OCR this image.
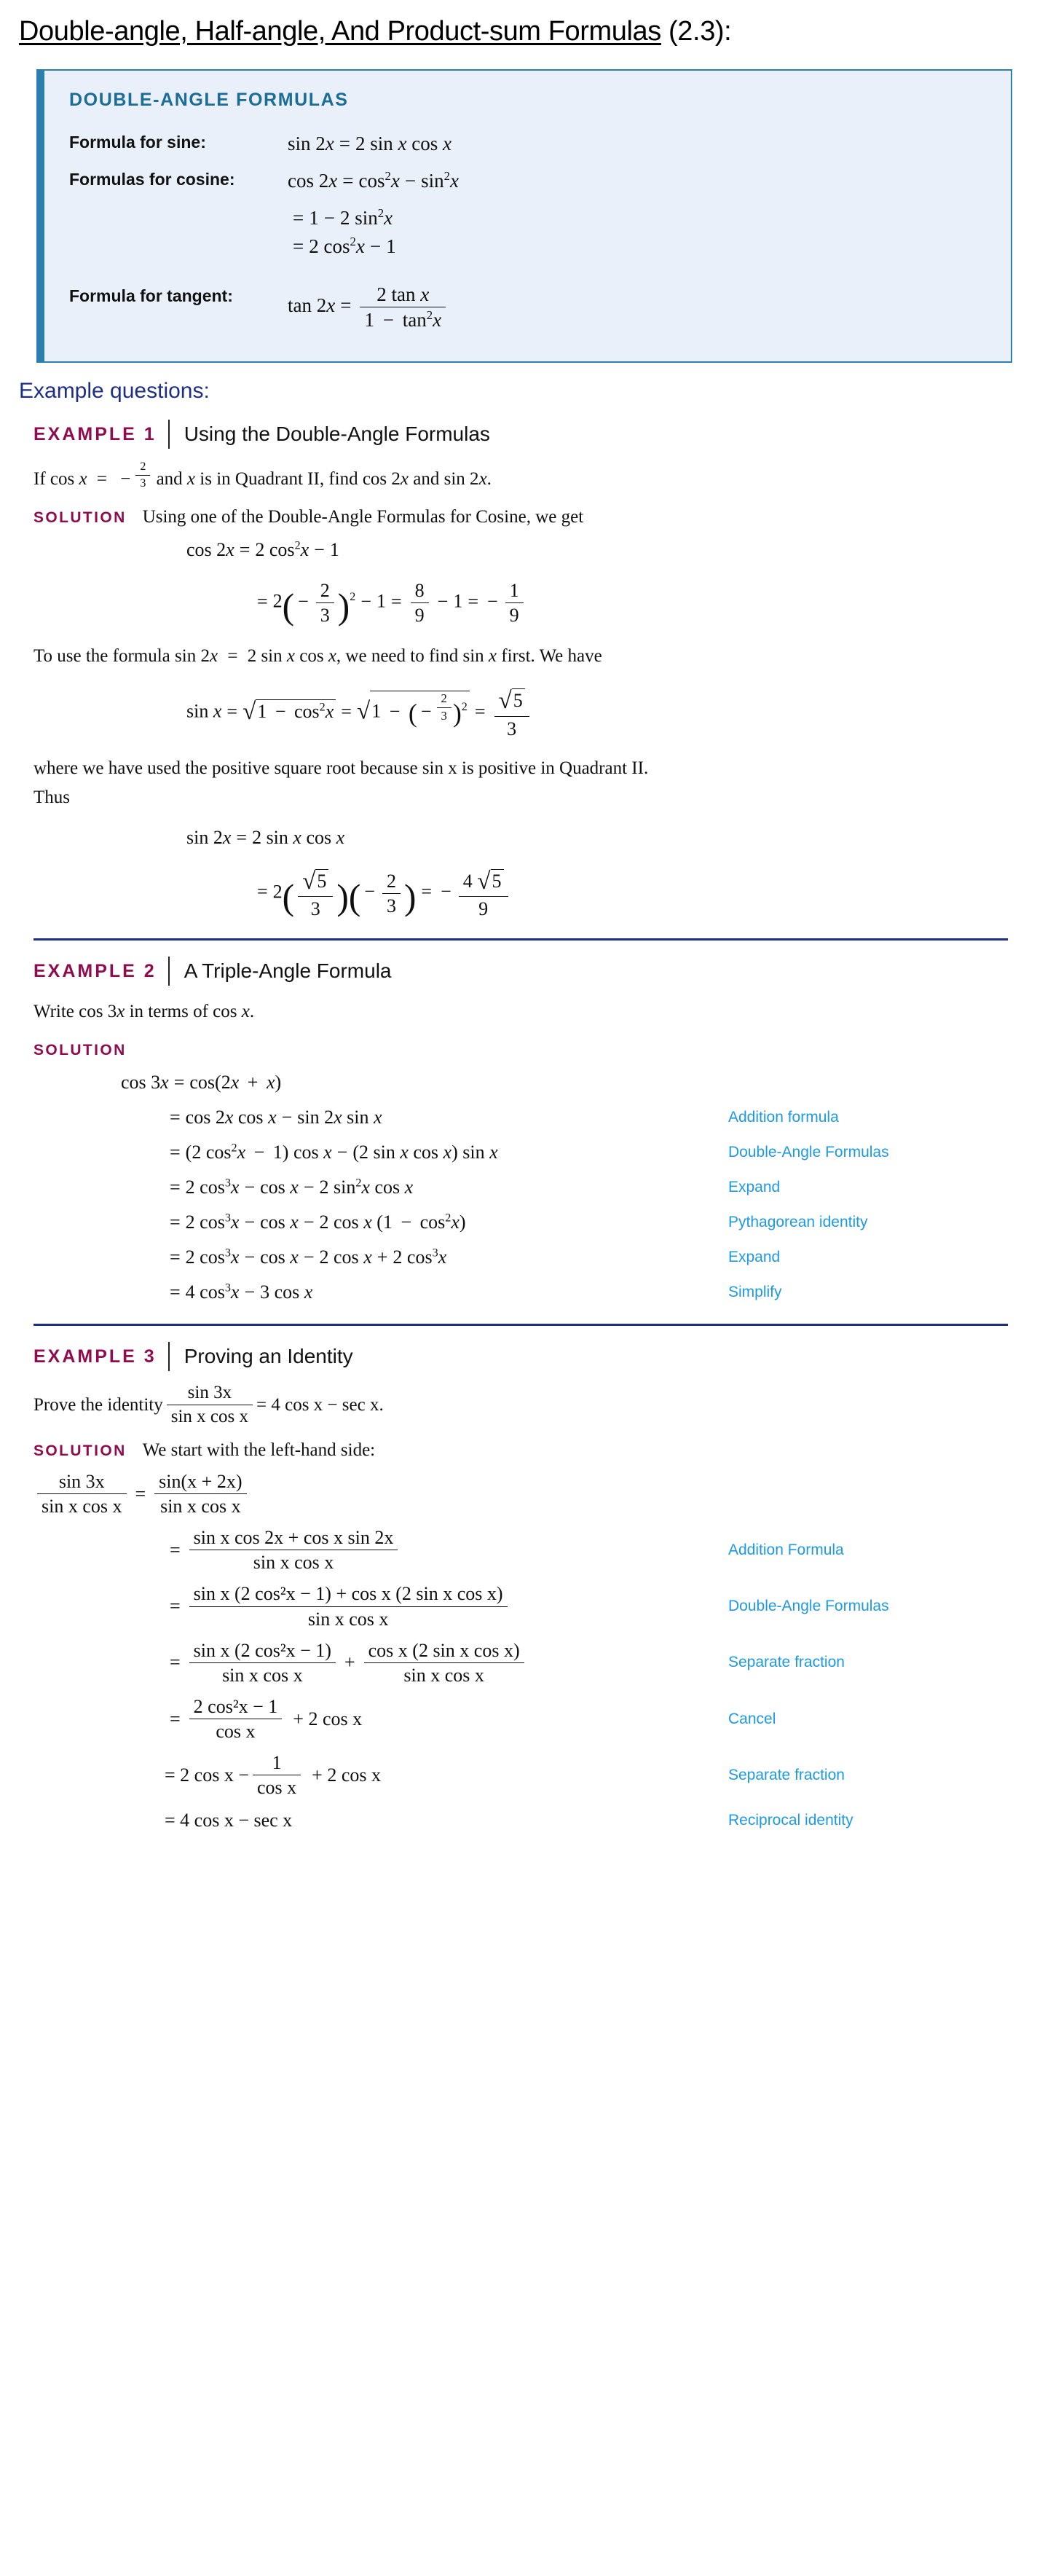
Double-angle, Half-angle, And Product-sum Formulas (2.3):
DOUBLE-ANGLE FORMULAS
Formula for sine:	sin 2x = 2 sin x cos x
Formulas for cosine:	$\cos 2x = \cos^2x - \sin^2x$
= 1 − 2 $\sin^2x$
= 2 $\cos^2x - 1$
Formula for tangent:	$\tan 2x = \frac{\text{2 tan x}}{1 - \tan^2x}$
Example questions:
EXAMPLE 1 Using the Double-Angle Formulas
If cos x = − $\frac{2}{3}$ and x is in Quadrant II, find cos 2x and sin 2x.
SOLUTION Using one of the Double-Angle Formulas for Cosine, we get
cos 2x = 2 $\cos^2x - 1$
= $2( - \frac{2}{3} )^2 - 1 = \frac{8}{9} - 1$ = − $\frac{1}{9}$
To use the formula sin 2x = 2 sin x cos x, we need to find sin x first. We have
$\sin x = √1 - \cos^2x = √1$ − ( − $\frac{2}{3} )^2 = \frac{√5}{3}$
where we have used the positive square root because sin x is positive in Quadrant II.
Thus
sin 2x = 2 sin x cos x
= $2( \frac{√5}{3}$ )( − $\frac{2}{3}$ ) = − $\frac{4 √5}{9}$
EXAMPLE 2 A Triple-Angle Formula
Write cos 3x in terms of cos x.
SOLUTION
cos 3x = cos(2x + x)
= cos 2x cos x − sin 2x sin x	Addition formula
= (2 $\cos^2x - 1$) cos x − (2 sin x cos x) sin x	Double-Angle Formulas
= 2 $\cos^3x - \cos x - 2$ $\sin^2x$ cos x	Expand
= 2 $\cos^3x - \cos x - 2$ cos x $(1 - \cos^2x)$	Pythagorean identity
= 2 $\cos^3x - \cos x - 2$ cos x + 2 $\cos^3x$	Expand
= 4 $\cos^3x - 3$ cos x	Simplify
EXAMPLE 3 Proving an Identity
Prove the identity $\frac{\sin 3x}{\text{sin x cos x}} = 4$ cos x − sec x.
SOLUTION We start with the left-hand side:
$\frac{\sin 3x}{\text{sin x cos x}} = \frac{\sin(x + 2x)}{\text{sin x cos x}}$
= $\frac{\text{sin x cos 2x + cos x sin 2x}}{\text{sin x cos x}}$	Addition Formula
= $\frac{\text{sin x (2 cos²x − 1) + cos x (2 sin x cos x)}}{\text{sin x cos x}}$	Double-Angle Formulas
= $\frac{\text{sin x (2 cos²x − 1)}}{\text{sin x cos x}} + \frac{\text{cos x (2 sin x cos x)}}{\text{sin x cos x}}$	Separate fraction
= $\frac{\text{2 cos²x − 1}}{\text{cos x}} + 2$ cos x	Cancel
= 2 $\cos x - \frac{1}{\text{cos x}} + 2$ cos x	Separate fraction
= 4 cos x − sec x	Reciprocal identity
